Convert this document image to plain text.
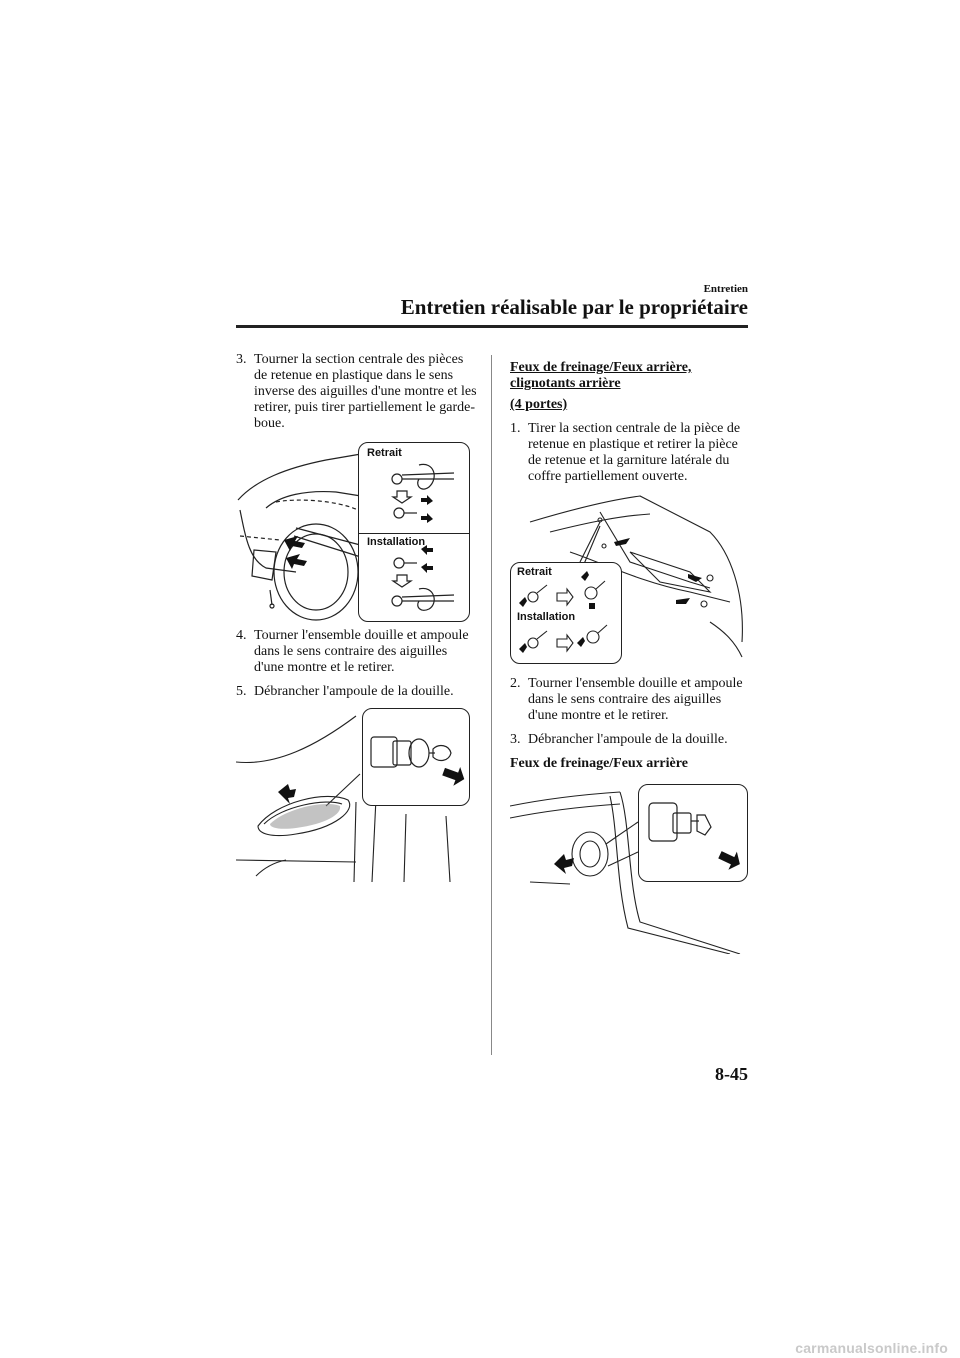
Entretien
Entretien réalisable par le propriétaire
3. Tourner la section centrale des pièces de retenue en plastique dans le sens inverse des aiguilles d'une montre et les retirer, puis tirer partiellement le garde-boue.
Retrait
Installation
4. Tourner l'ensemble douille et ampoule dans le sens contraire des aiguilles d'une montre et le retirer.
5. Débrancher l'ampoule de la douille.
Feux de freinage/Feux arrière,
clignotants arrière
(4 portes)
1. Tirer la section centrale de la pièce de retenue en plastique et retirer la pièce de retenue et la garniture latérale du coffre partiellement ouverte.
Retrait
Installation
2. Tourner l'ensemble douille et ampoule dans le sens contraire des aiguilles d'une montre et le retirer.
3. Débrancher l'ampoule de la douille.
Feux de freinage/Feux arrière
8-45
carmanualsonline.info
